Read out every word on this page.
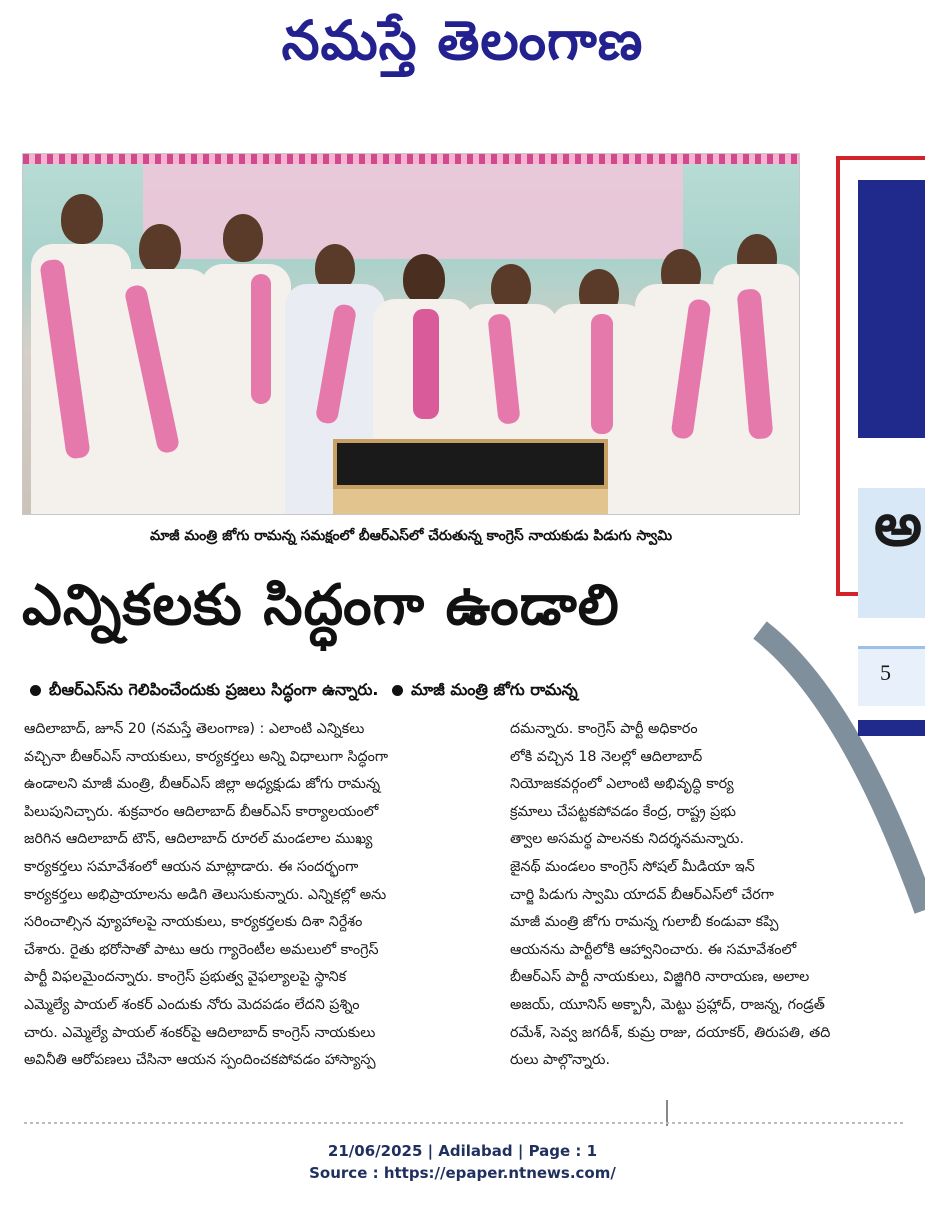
నమస్తే తెలంగాణ
మాజీ మంత్రి జోగు రామన్న సమక్షంలో బీఆర్‌ఎస్‌లో చేరుతున్న కాంగ్రెస్ నాయకుడు పిడుగు స్వామి
ఎన్నికలకు సిద్ధంగా ఉండాలి
బీఆర్‌ఎస్‌ను గెలిపించేందుకు ప్రజలు సిద్ధంగా ఉన్నారు. మాజీ మంత్రి జోగు రామన్న

ఆదిలాబాద్, జూన్ 20 (నమస్తే తెలంగాణ) : ఎలాంటి ఎన్నికలు

వచ్చినా బీఆర్‌ఎస్ నాయకులు, కార్యకర్తలు అన్ని విధాలుగా సిద్ధంగా

ఉండాలని మాజీ మంత్రి, బీఆర్‌ఎస్ జిల్లా అధ్యక్షుడు జోగు రామన్న

పిలుపునిచ్చారు. శుక్రవారం ఆదిలాబాద్ బీఆర్‌ఎస్ కార్యాలయంలో

జరిగిన ఆదిలాబాద్ టౌన్, ఆదిలాబాద్ రూరల్ మండలాల ముఖ్య

కార్యకర్తలు సమావేశంలో ఆయన మాట్లాడారు. ఈ సందర్భంగా

కార్యకర్తలు అభిప్రాయాలను అడిగి తెలుసుకున్నారు. ఎన్నికల్లో అను

సరించాల్సిన వ్యూహాలపై నాయకులు, కార్యకర్తలకు దిశా నిర్దేశం

చేశారు. రైతు భరోసాతో పాటు ఆరు గ్యారెంటీల అమలులో కాంగ్రెస్

పార్టీ విఫలమైందన్నారు. కాంగ్రెస్ ప్రభుత్వ వైఫల్యాలపై స్థానిక

ఎమ్మెల్యే పాయల్ శంకర్ ఎందుకు నోరు మెదపడం లేదని ప్రశ్నిం

చారు. ఎమ్మెల్యే పాయల్ శంకర్‌పై ఆదిలాబాద్ కాంగ్రెస్ నాయకులు

అవినీతి ఆరోపణలు చేసినా ఆయన స్పందించకపోవడం హాస్యాస్ప

దమన్నారు. కాంగ్రెస్ పార్టీ అధికారం

లోకి వచ్చిన 18 నెలల్లో ఆదిలాబాద్

నియోజకవర్గంలో ఎలాంటి అభివృద్ధి కార్య

క్రమాలు చేపట్టకపోవడం కేంద్ర, రాష్ట్ర ప్రభు

త్వాల అసమర్థ పాలనకు నిదర్శనమన్నారు.

జైనథ్ మండలం కాంగ్రెస్ సోషల్ మీడియా ఇన్

చార్జి పిడుగు స్వామి యాదవ్ బీఆర్‌ఎస్‌లో చేరగా

మాజీ మంత్రి జోగు రామన్న గులాబీ కండువా కప్పి

ఆయనను పార్టీలోకి ఆహ్వానించారు. ఈ సమావేశంలో

బీఆర్‌ఎస్ పార్టీ నాయకులు, విజ్జిగిరి నారాయణ, అలాల

అజయ్, యూనిస్ అక్బానీ, మెట్టు ప్రహ్లాద్, రాజన్న, గండ్రత్

రమేశ్, సెవ్వ జగదీశ్, కుమ్ర రాజు, దయాకర్, తిరుపతి, తది

రులు పాల్గొన్నారు.

అ
5
21/06/2025 | Adilabad | Page : 1
Source : https://epaper.ntnews.com/
